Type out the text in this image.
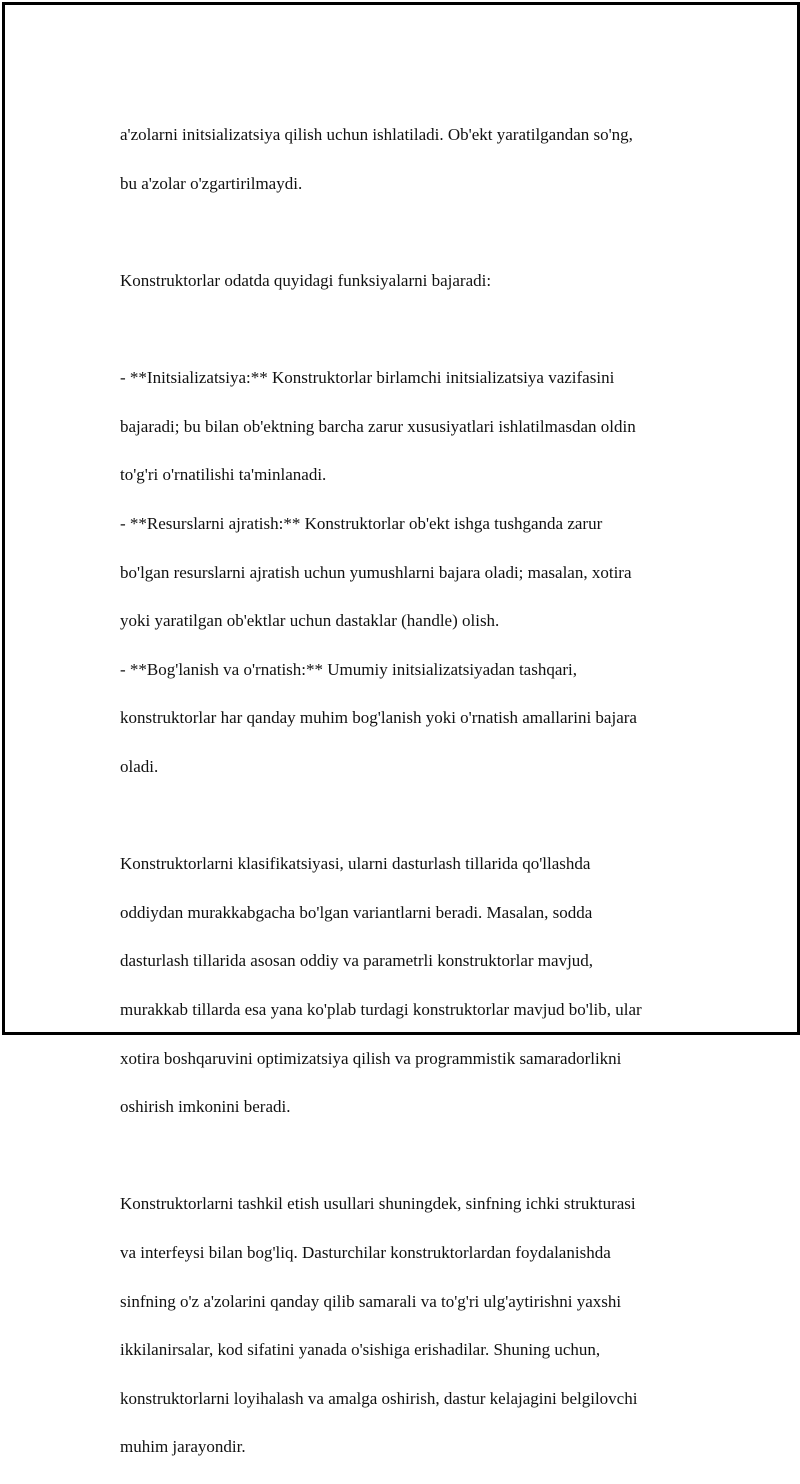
a'zolarni initsializatsiya qilish uchun ishlatiladi. Ob'ekt yaratilgandan so'ng,

bu a'zolar o'zgartirilmaydi.

Konstruktorlar odatda quyidagi funksiyalarni bajaradi:

- **Initsializatsiya:** Konstruktorlar birlamchi initsializatsiya vazifasini

bajaradi; bu bilan ob'ektning barcha zarur xususiyatlari ishlatilmasdan oldin

to'g'ri o'rnatilishi ta'minlanadi.

- **Resurslarni ajratish:** Konstruktorlar ob'ekt ishga tushganda zarur

bo'lgan resurslarni ajratish uchun yumushlarni bajara oladi; masalan, xotira

yoki yaratilgan ob'ektlar uchun dastaklar (handle) olish.

- **Bog'lanish va o'rnatish:** Umumiy initsializatsiyadan tashqari,

konstruktorlar har qanday muhim bog'lanish yoki o'rnatish amallarini bajara

oladi.

Konstruktorlarni klasifikatsiyasi, ularni dasturlash tillarida qo'llashda

oddiydan murakkabgacha bo'lgan variantlarni beradi. Masalan, sodda

dasturlash tillarida asosan oddiy va parametrli konstruktorlar mavjud,

murakkab tillarda esa yana ko'plab turdagi konstruktorlar mavjud bo'lib, ular

xotira boshqaruvini optimizatsiya qilish va programmistik samaradorlikni

oshirish imkonini beradi.

Konstruktorlarni tashkil etish usullari shuningdek, sinfning ichki strukturasi

va interfeysi bilan bog'liq. Dasturchilar konstruktorlardan foydalanishda

sinfning o'z a'zolarini qanday qilib samarali va to'g'ri ulg'aytirishni yaxshi

ikkilanirsalar, kod sifatini yanada o'sishiga erishadilar. Shuning uchun,

konstruktorlarni loyihalash va amalga oshirish, dastur kelajagini belgilovchi

muhim jarayondir.
